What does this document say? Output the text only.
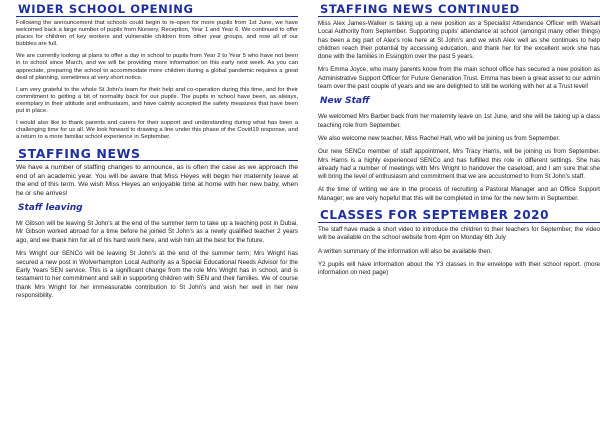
WIDER SCHOOL OPENING

Following the announcement that schools could begin to re-open for more pupils from 1st June, we have welcomed back a large number of pupils from Nursery, Reception, Year 1 and Year 6. We continued to offer places for children of key workers and vulnerable children from other year groups, and now all of our bubbles are full.

We are currently looking at plans to offer a day in school to pupils from Year 2 to Year 5 who have not been in to school since March, and we will be providing more information on this early next week. As you can appreciate, preparing the school to accommodate more children during a global pandemic requires a great deal of planning, sometimes at very short notice.

I am very grateful to the whole St John's team for their help and co-operation during this time, and for their commitment to getting a bit of normality back for our pupils. The pupils in school have been, as always, exemplary in their attitude and enthusiasm, and have calmly accepted the safety measures that have been put in place.

I would also like to thank parents and carers for their support and understanding during what has been a challenging time for us all. We look forward to drawing a line under this phase of the Covid19 response, and a return to a more familiar school experience in September.

STAFFING NEWS

We have a number of staffing changes to announce, as is often the case as we approach the end of an academic year. You will be aware that Miss Heyes will begin her maternity leave at the end of this term. We wish Miss Heyes an enjoyable time at home with her new baby, when he or she arrives!

Staff leaving

Mr Gibson will be leaving St John's at the end of the summer term to take up a teaching post in Dubai. Mr Gibson worked abroad for a time before he joined St John's as a newly qualified teacher 2 years ago, and we thank him for all of his hard work here, and wish him all the best for the future.

Mrs Wright our SENCo will be leaving St John's at the end of the summer term; Mrs Wright has secured a new post in Wolverhampton Local Authority as a Special Educational Needs Advisor for the Early Years SEN service. This is a significant change from the role Mrs Wright has in school, and is testament to her commitment and skill in supporting children with SEN and their families. We of course thank Mrs Wright for her immeasurable contribution to St John's and wish her well in her new responsibility.

STAFFING NEWS CONTINUED

Miss Alex James-Walker is taking up a new position as a Specialist Attendance Officer with Walsall Local Authority from September. Supporting pupils' attendance at school (amongst many other things) has been a big part of Alex's role here at St John's and we wish Alex well as she continues to help children reach their potential by accessing education, and thank her for the excellent work she has done with the families in Essington over the past 5 years.

Mrs Emma Joyce, who many parents know from the main school office has secured a new position as Administrative Support Officer for Future Generation Trust. Emma has been a great asset to our admin team over the past couple of years and we are delighted to still be working with her at a Trust level!

New Staff

We welcomed Mrs Barber back from her maternity leave on 1st June, and she will be taking up a class teaching role from September.

We also welcome new teacher, Miss Rachel Hall, who will be joining us from September.

Our new SENCo member of staff appointment, Mrs Tracy Harris, will be joining us from September. Mrs Harris is a highly experienced SENCo and has fulfilled this role in different settings. She has already had a number of meetings with Mrs Wright to handover the caseload, and I am sure that she will bring the level of enthusiasm and commitment that we are accustomed to from St John's staff.

At the time of writing we are in the process of recruiting a Pastoral Manager and an Office Support Manager; we are very hopeful that this will be completed in time for the new term in September.

CLASSES FOR SEPTEMBER 2020

The staff have made a short video to introduce the children to their teachers for September; the video will be available on the school website from 4pm on Monday 6th July

A written summary of the information will also be available then.

Y2 pupils will have information about the Y3 classes in the envelope with their school report. (more information on next page)
